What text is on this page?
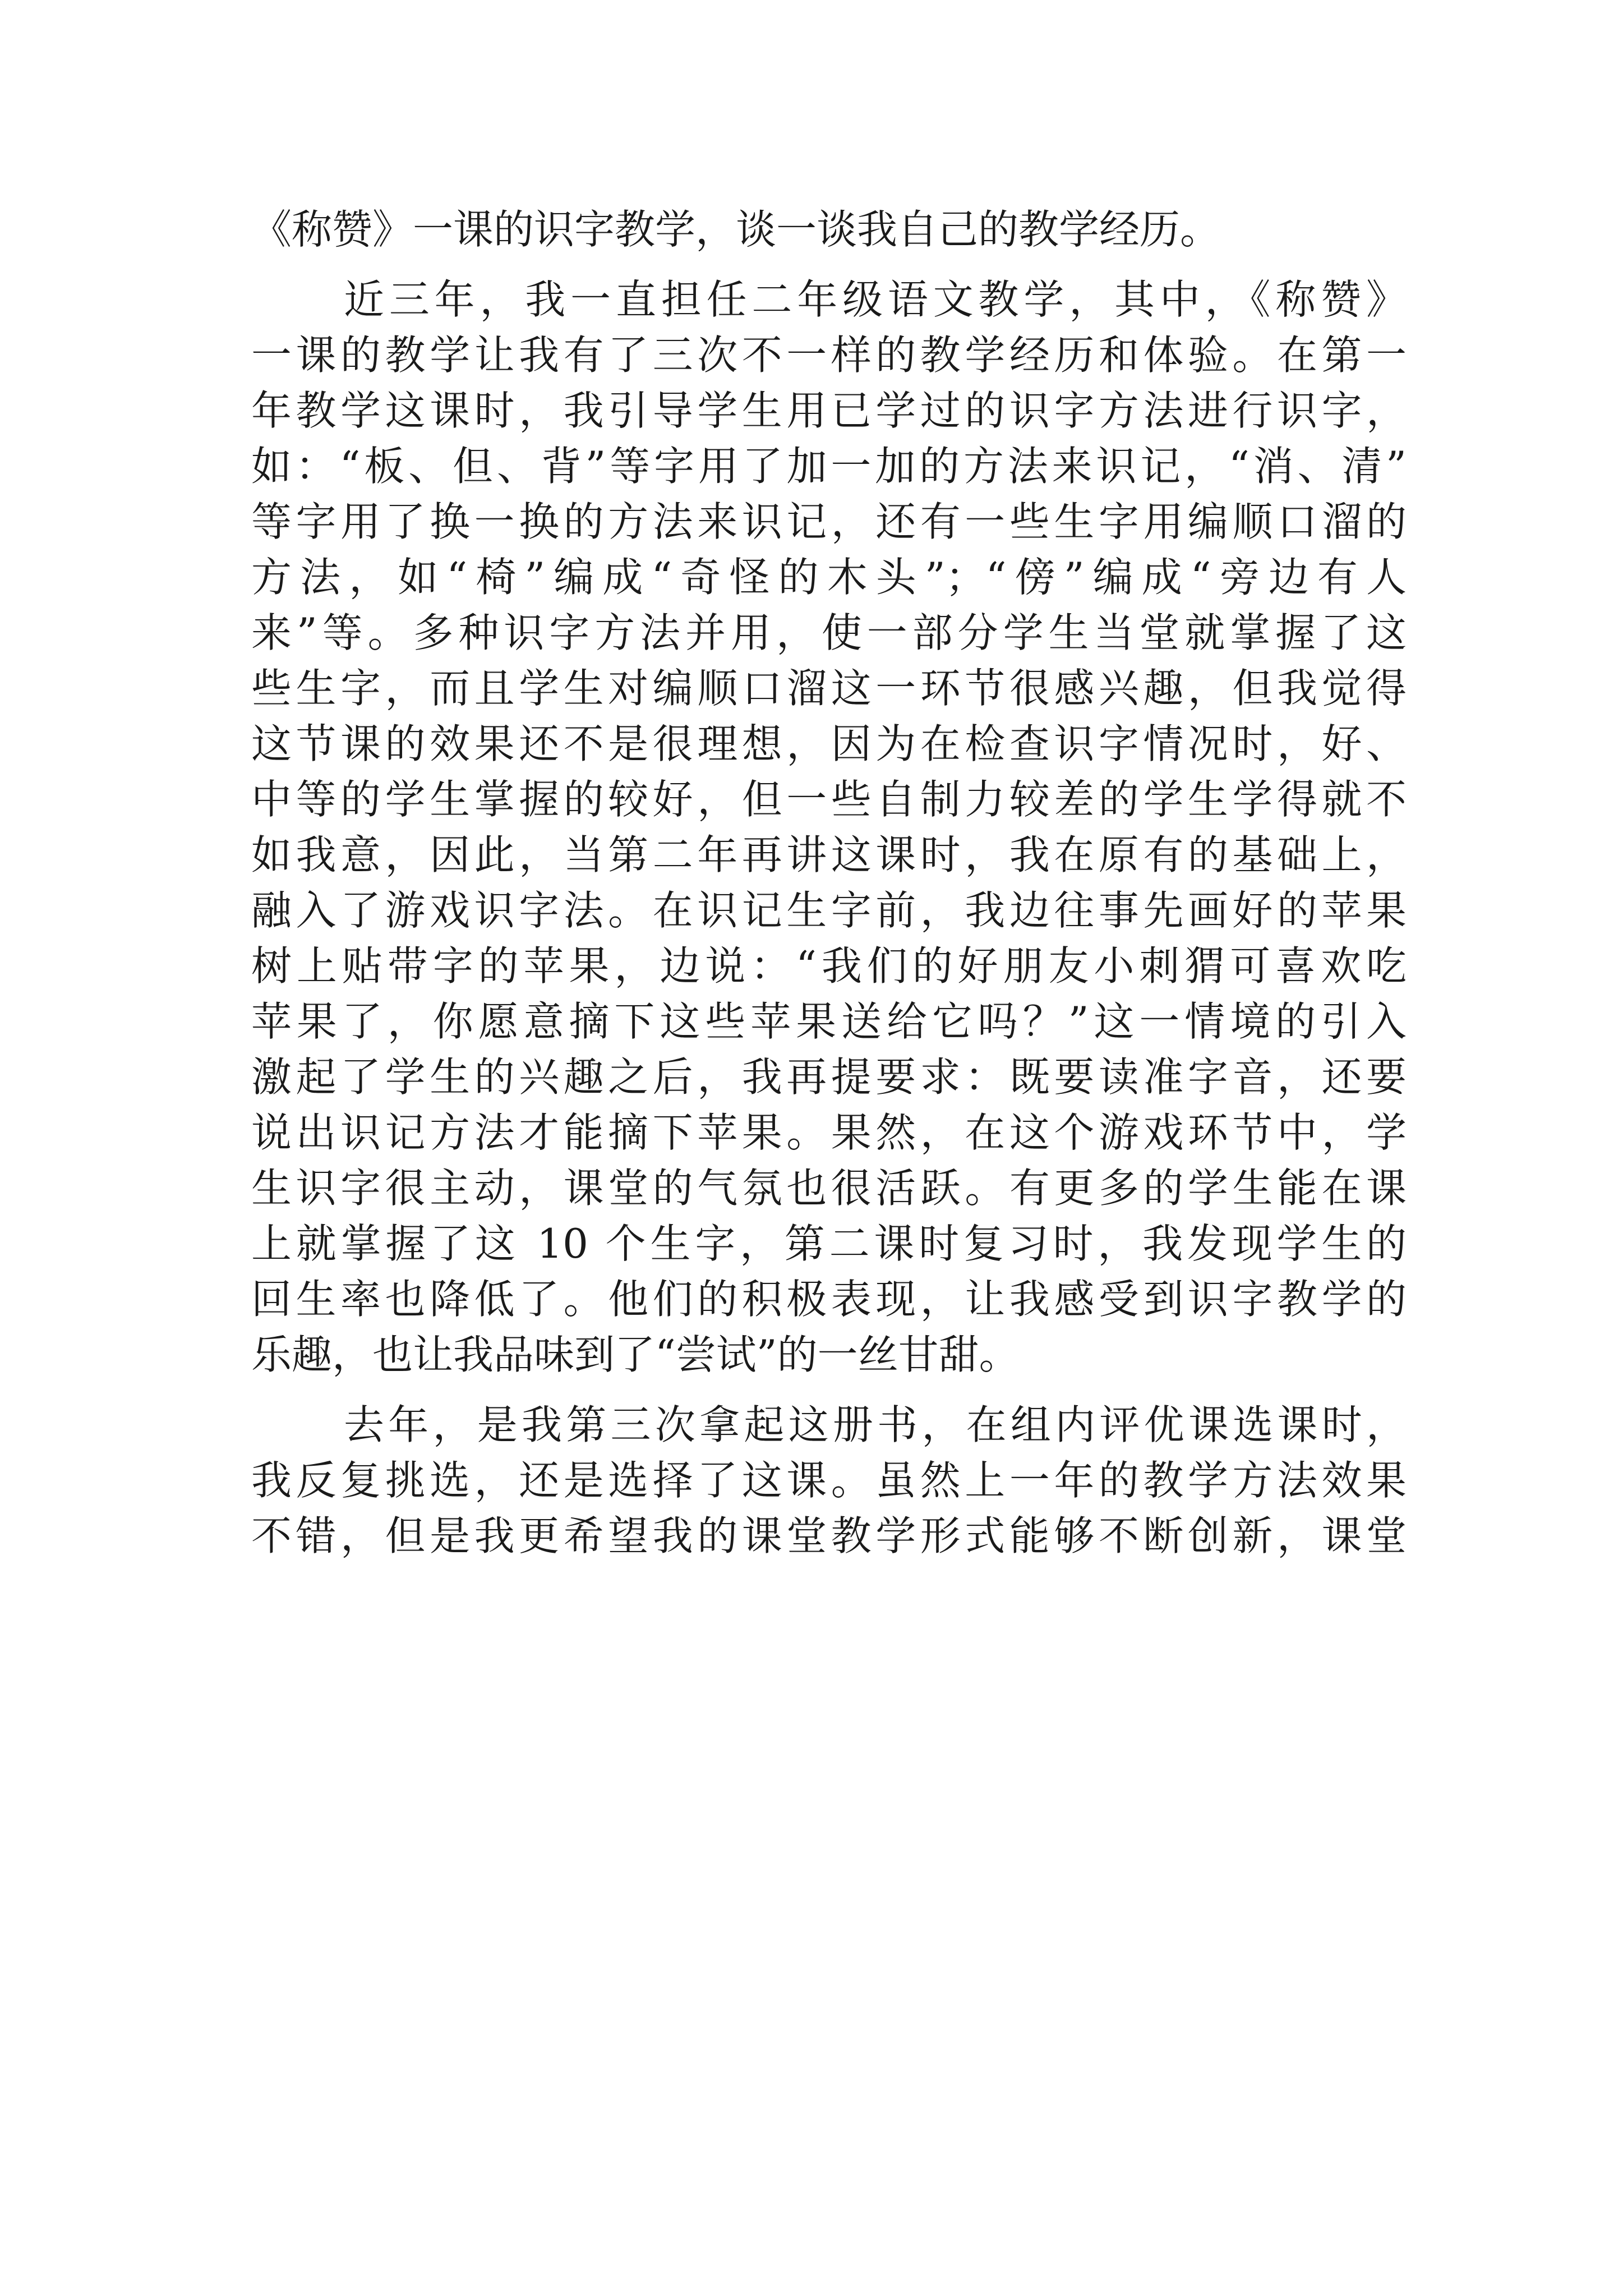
《称赞》一课的识字教学，谈一谈我自己的教学经历。
近三年，我一直担任二年级语文教学，其中，《称赞》
一课的教学让我有了三次不一样的教学经历和体验。在第一
年教学这课时，我引导学生用已学过的识字方法进行识字，
如：“板、但、背”等字用了加一加的方法来识记，“消、清”
等字用了换一换的方法来识记，还有一些生字用编顺口溜的
方法，如“椅”编成“奇怪的木头”；“傍”编成“旁边有人
来”等。多种识字方法并用，使一部分学生当堂就掌握了这
些生字，而且学生对编顺口溜这一环节很感兴趣，但我觉得
这节课的效果还不是很理想，因为在检查识字情况时，好、
中等的学生掌握的较好，但一些自制力较差的学生学得就不
如我意，因此，当第二年再讲这课时，我在原有的基础上，
融入了游戏识字法。在识记生字前，我边往事先画好的苹果
树上贴带字的苹果，边说：“我们的好朋友小刺猬可喜欢吃
苹果了，你愿意摘下这些苹果送给它吗？”这一情境的引入
激起了学生的兴趣之后，我再提要求：既要读准字音，还要
说出识记方法才能摘下苹果。果然，在这个游戏环节中，学
生识字很主动，课堂的气氛也很活跃。有更多的学生能在课
上就掌握了这 10 个生字，第二课时复习时，我发现学生的
回生率也降低了。他们的积极表现，让我感受到识字教学的
乐趣，也让我品味到了“尝试”的一丝甘甜。
去年，是我第三次拿起这册书，在组内评优课选课时，
我反复挑选，还是选择了这课。虽然上一年的教学方法效果
不错，但是我更希望我的课堂教学形式能够不断创新，课堂
